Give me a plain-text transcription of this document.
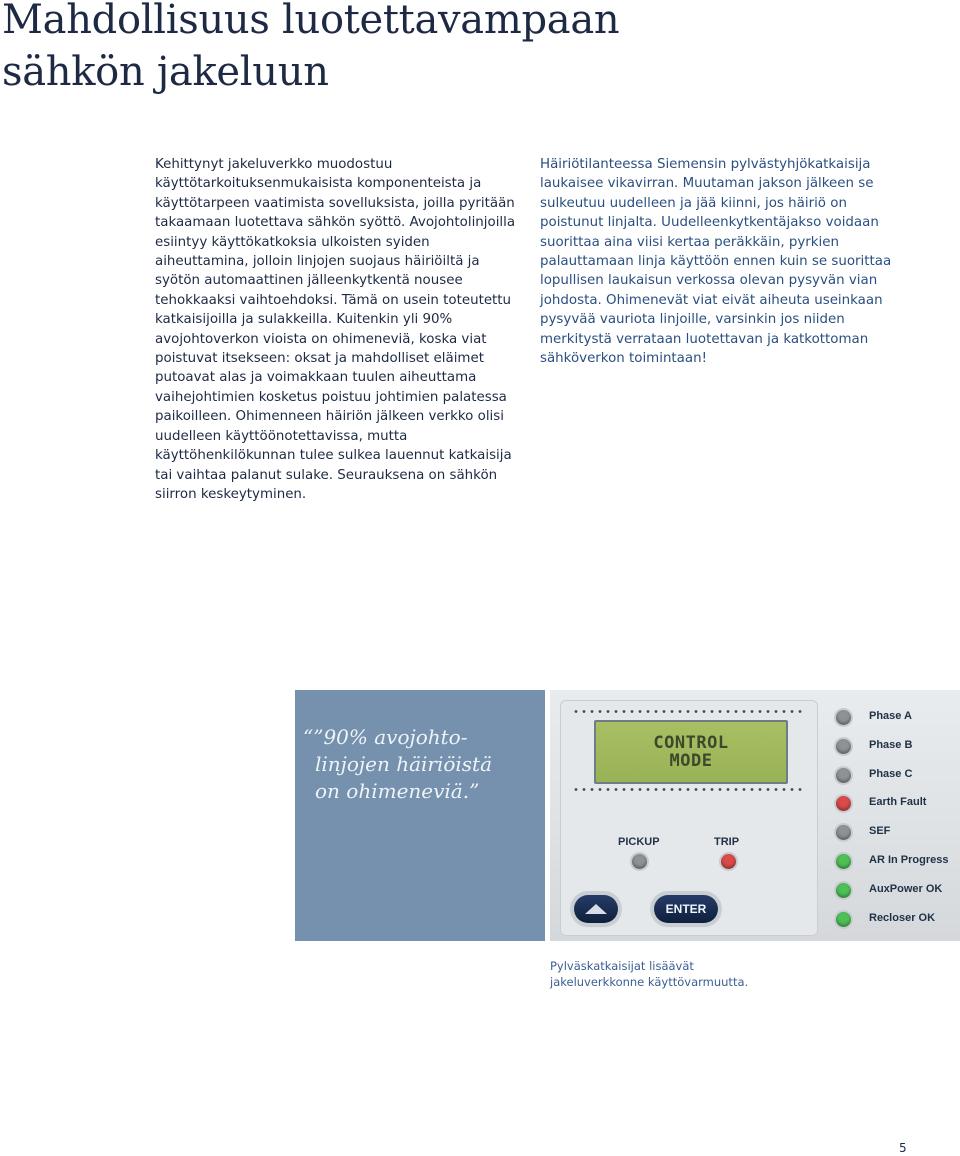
Mahdollisuus luotettavampaan
sähkön jakeluun

Kehittynyt jakeluverkko muodostuu käyttötarkoituksenmukaisista komponenteista ja käyttötarpeen vaatimista sovelluksista, joilla pyritään takaamaan luotettava sähkön syöttö. Avojohtolinjoilla esiintyy käyttökatkoksia ulkoisten syiden aiheuttamina, jolloin linjojen suojaus häiriöiltä ja syötön automaattinen jälleenkytkentä nousee tehokkaaksi vaihtoehdoksi. Tämä on usein toteutettu katkaisijoilla ja sulakkeilla. Kuitenkin yli 90% avojohtoverkon vioista on ohimeneviä, koska viat poistuvat itsekseen: oksat ja mahdolliset eläimet putoavat alas ja voimakkaan tuulen aiheuttama vaihejohtimien kosketus poistuu johtimien palatessa paikoilleen. Ohimenneen häiriön jälkeen verkko olisi uudelleen käyttöönotettavissa, mutta käyttöhenkilökunnan tulee sulkea lauennut katkaisija tai vaihtaa palanut sulake. Seurauksena on sähkön siirron keskeytyminen.

Häiriötilanteessa Siemensin pylvästyhjökatkaisija laukaisee vikavirran. Muutaman jakson jälkeen se sulkeutuu uudelleen ja jää kiinni, jos häiriö on poistunut linjalta. Uudelleenkytkentäjakso voidaan suorittaa aina viisi kertaa peräkkäin, pyrkien palauttamaan linja käyttöön ennen kuin se suorittaa lopullisen laukaisun verkossa olevan pysyvän vian johdosta. Ohimenevät viat eivät aiheuta useinkaan pysyvää vauriota linjoille, varsinkin jos niiden merkitystä verrataan luotettavan ja katkottoman sähköverkon toimintaan!

“”90% avojohto-
linjojen häiriöistä
on ohimeneviä.”

CONTROL
MODE
PICKUP	TRIP
ENTER
Phase A
Phase B
Phase C
Earth Fault
SEF
AR In Progress
AuxPower OK
Recloser OK

Pylväskatkaisijat lisäävät
jakeluverkkonne käyttövarmuutta.

5
